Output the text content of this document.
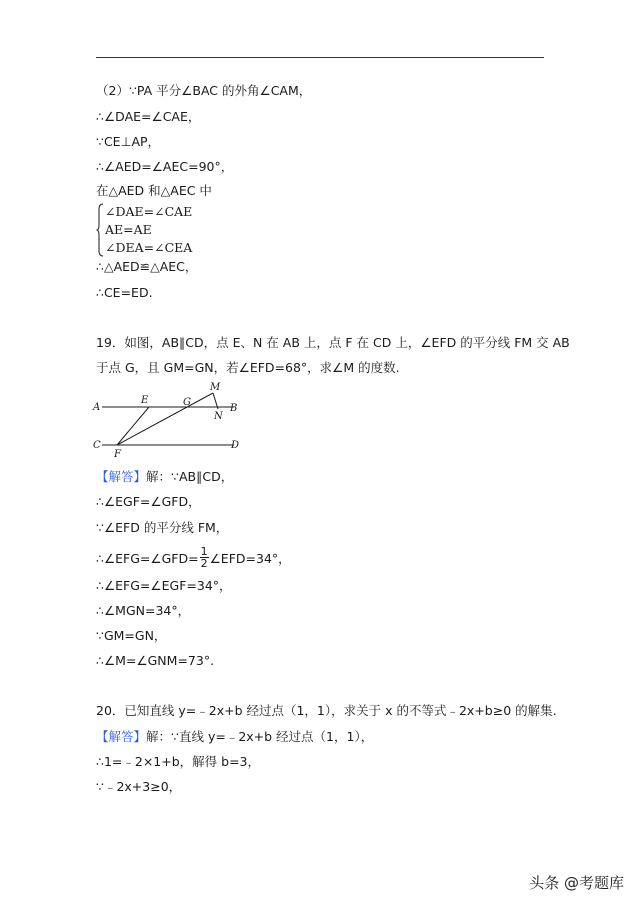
（2）∵PA 平分∠BAC 的外角∠CAM，
∴∠DAE=∠CAE，
∵CE⊥AP，
∴∠AED=∠AEC=90°，
在△AED 和△AEC 中
∠DAE=∠CAE
AE=AE
∠DEA=∠CEA
∴△AED≌△AEC，
∴CE=ED.
19．如图，AB∥CD，点 E、N 在 AB 上，点 F 在 CD 上，∠EFD 的平分线 FM 交 AB
于点 G，且 GM=GN，若∠EFD=68°，求∠M 的度数.
A
E	G
M
B
N
C
F
D
【解答】解：∵AB∥CD，
∴∠EGF=∠GFD，
∵∠EFD 的平分线 FM，
∴∠EFG=∠GFD= $\frac{1}{2}$ ∠EFD=34°，
∴∠EFG=∠EGF=34°，
∴∠MGN=34°，
∵GM=GN，
∴∠M=∠GNM=73°.
20．已知直线 y=﹣2x+b 经过点（1，1），求关于 x 的不等式﹣2x+b≥0 的解集.
【解答】解：∵直线 y=﹣2x+b 经过点（1，1），
∴1=﹣2×1+b，解得 b=3，
∵﹣2x+3≥0，
头条 @考题库
